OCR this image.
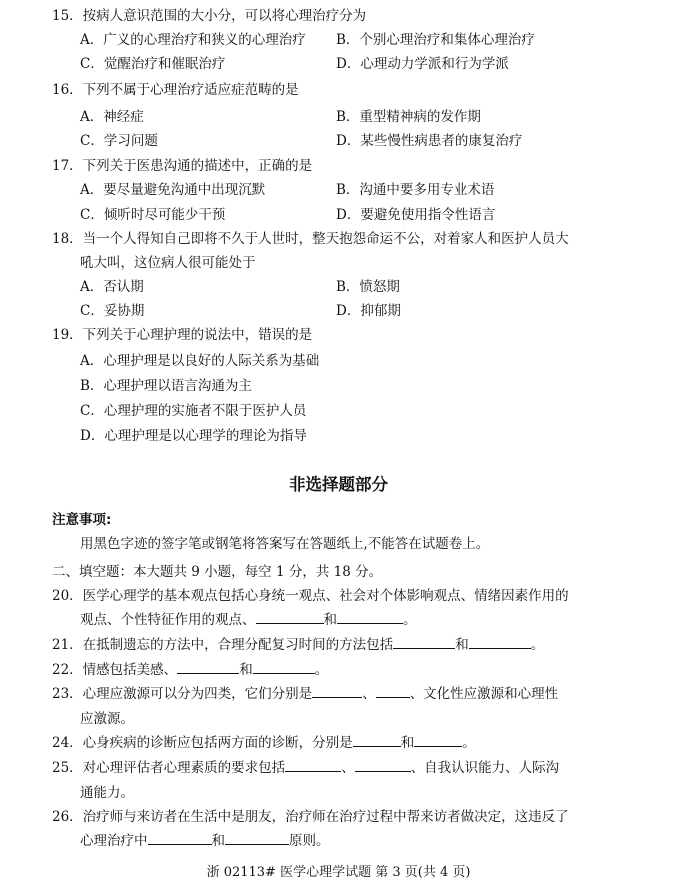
15．按病人意识范围的大小分，可以将心理治疗分为
A．广义的心理治疗和狭义的心理治疗 B．个别心理治疗和集体心理治疗
C．觉醒治疗和催眠治疗	D．心理动力学派和行为学派
16．下列不属于心理治疗适应症范畴的是
A．神经症	B．重型精神病的发作期
C．学习问题	D．某些慢性病患者的康复治疗
17．下列关于医患沟通的描述中，正确的是
A．要尽量避免沟通中出现沉默	B．沟通中要多用专业术语
C．倾听时尽可能少干预	D．要避免使用指令性语言
18．当一个人得知自己即将不久于人世时，整天抱怨命运不公，对着家人和医护人员大
吼大叫，这位病人很可能处于
A．否认期	B．愤怒期
C．妥协期	D．抑郁期
19．下列关于心理护理的说法中，错误的是
A．心理护理是以良好的人际关系为基础
B．心理护理以语言沟通为主
C．心理护理的实施者不限于医护人员
D．心理护理是以心理学的理论为指导
非选择题部分
注意事项:
用黑色字迹的签字笔或钢笔将答案写在答题纸上,不能答在试题卷上。
二、填空题：本大题共 9 小题，每空 1 分，共 18 分。
20．医学心理学的基本观点包括心身统一观点、社会对个体影响观点、情绪因素作用的
观点、个性特征作用的观点、	和	。
21．在抵制遗忘的方法中，合理分配复习时间的方法包括	和	。
22．情感包括美感、	和	。
23．心理应激源可以分为四类，它们分别是	、	、文化性应激源和心理性
应激源。
24．心身疾病的诊断应包括两方面的诊断，分别是	和	。
25．对心理评估者心理素质的要求包括	、	、自我认识能力、人际沟
通能力。
26．治疗师与来访者在生活中是朋友，治疗师在治疗过程中帮来访者做决定，这违反了
心理治疗中	和	原则。
浙 02113# 医学心理学试题 第 3 页(共 4 页)
